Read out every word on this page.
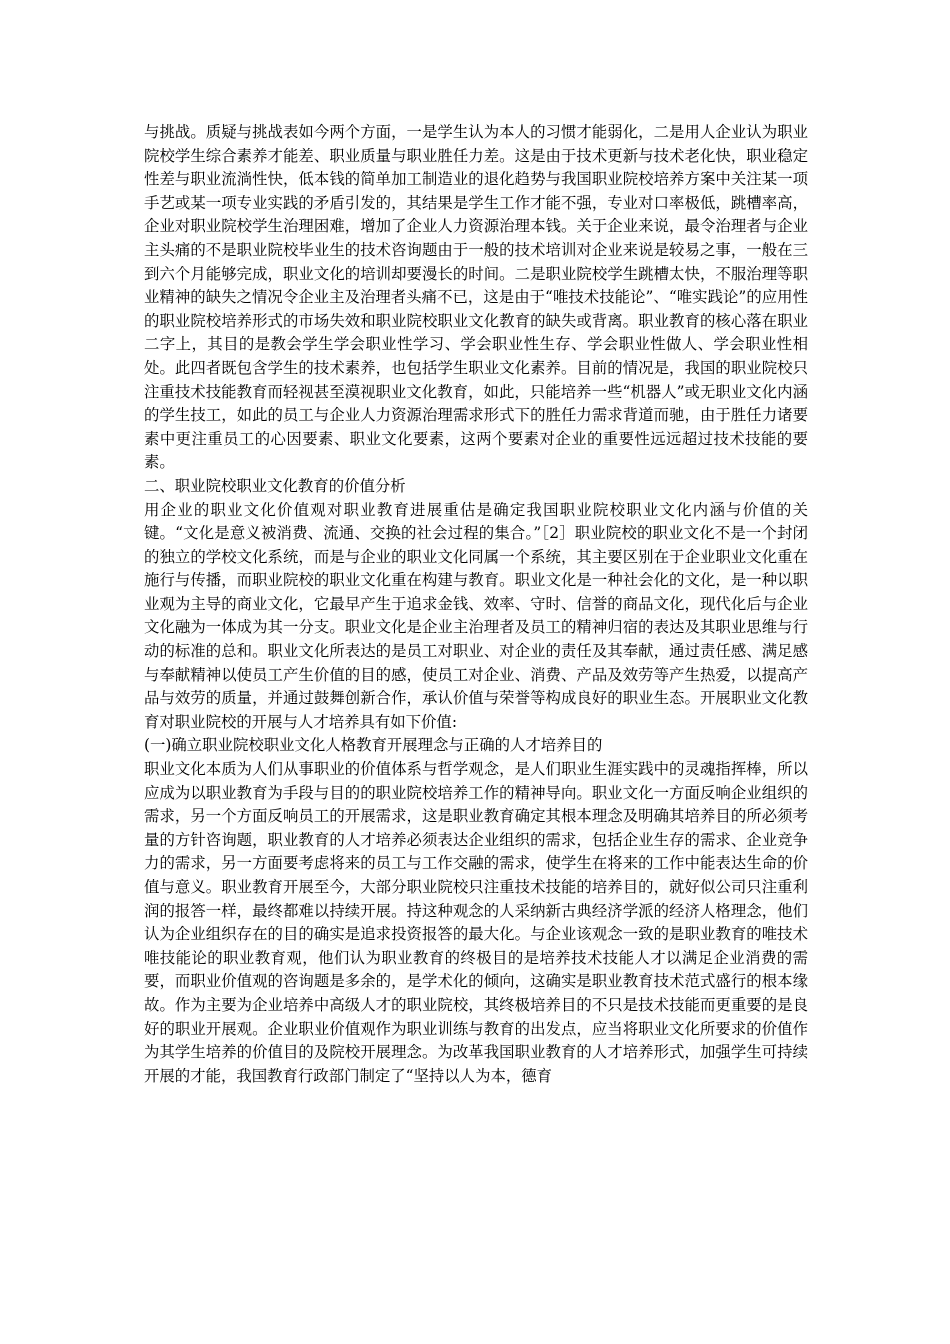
与挑战。质疑与挑战表如今两个方面，一是学生认为本人的习惯才能弱化，二是用人企业认为职业院校学生综合素养才能差、职业质量与职业胜任力差。这是由于技术更新与技术老化快，职业稳定性差与职业流淌性快，低本钱的简单加工制造业的退化趋势与我国职业院校培养方案中关注某一项手艺或某一项专业实践的矛盾引发的，其结果是学生工作才能不强，专业对口率极低，跳槽率高，企业对职业院校学生治理困难，增加了企业人力资源治理本钱。关于企业来说，最令治理者与企业主头痛的不是职业院校毕业生的技术咨询题由于一般的技术培训对企业来说是较易之事，一般在三到六个月能够完成，职业文化的培训却要漫长的时间。二是职业院校学生跳槽太快，不服治理等职业精神的缺失之情况令企业主及治理者头痛不已，这是由于“唯技术技能论”、“唯实践论”的应用性的职业院校培养形式的市场失效和职业院校职业文化教育的缺失或背离。职业教育的核心落在职业二字上，其目的是教会学生学会职业性学习、学会职业性生存、学会职业性做人、学会职业性相处。此四者既包含学生的技术素养，也包括学生职业文化素养。目前的情况是，我国的职业院校只注重技术技能教育而轻视甚至漠视职业文化教育，如此，只能培养一些“机器人”或无职业文化内涵的学生技工，如此的员工与企业人力资源治理需求形式下的胜任力需求背道而驰，由于胜任力诸要素中更注重员工的心因要素、职业文化要素，这两个要素对企业的重要性远远超过技术技能的要素。

二、职业院校职业文化教育的价值分析

用企业的职业文化价值观对职业教育进展重估是确定我国职业院校职业文化内涵与价值的关键。“文化是意义被消费、流通、交换的社会过程的集合。”［2］职业院校的职业文化不是一个封闭的独立的学校文化系统，而是与企业的职业文化同属一个系统，其主要区别在于企业职业文化重在施行与传播，而职业院校的职业文化重在构建与教育。职业文化是一种社会化的文化，是一种以职业观为主导的商业文化，它最早产生于追求金钱、效率、守时、信誉的商品文化，现代化后与企业文化融为一体成为其一分支。职业文化是企业主治理者及员工的精神归宿的表达及其职业思维与行动的标准的总和。职业文化所表达的是员工对职业、对企业的责任及其奉献，通过责任感、满足感与奉献精神以使员工产生价值的目的感，使员工对企业、消费、产品及效劳等产生热爱，以提高产品与效劳的质量，并通过鼓舞创新合作，承认价值与荣誉等构成良好的职业生态。开展职业文化教育对职业院校的开展与人才培养具有如下价值:

(一)确立职业院校职业文化人格教育开展理念与正确的人才培养目的

职业文化本质为人们从事职业的价值体系与哲学观念，是人们职业生涯实践中的灵魂指挥棒，所以应成为以职业教育为手段与目的的职业院校培养工作的精神导向。职业文化一方面反响企业组织的需求，另一个方面反响员工的开展需求，这是职业教育确定其根本理念及明确其培养目的所必须考量的方针咨询题，职业教育的人才培养必须表达企业组织的需求，包括企业生存的需求、企业竞争力的需求，另一方面要考虑将来的员工与工作交融的需求，使学生在将来的工作中能表达生命的价值与意义。职业教育开展至今，大部分职业院校只注重技术技能的培养目的，就好似公司只注重利润的报答一样，最终都难以持续开展。持这种观念的人采纳新古典经济学派的经济人格理念，他们认为企业组织存在的目的确实是追求投资报答的最大化。与企业该观念一致的是职业教育的唯技术唯技能论的职业教育观，他们认为职业教育的终极目的是培养技术技能人才以满足企业消费的需要，而职业价值观的咨询题是多余的，是学术化的倾向，这确实是职业教育技术范式盛行的根本缘故。作为主要为企业培养中高级人才的职业院校，其终极培养目的不只是技术技能而更重要的是良好的职业开展观。企业职业价值观作为职业训练与教育的出发点，应当将职业文化所要求的价值作为其学生培养的价值目的及院校开展理念。为改革我国职业教育的人才培养形式，加强学生可持续开展的才能，我国教育行政部门制定了“坚持以人为本，德育
